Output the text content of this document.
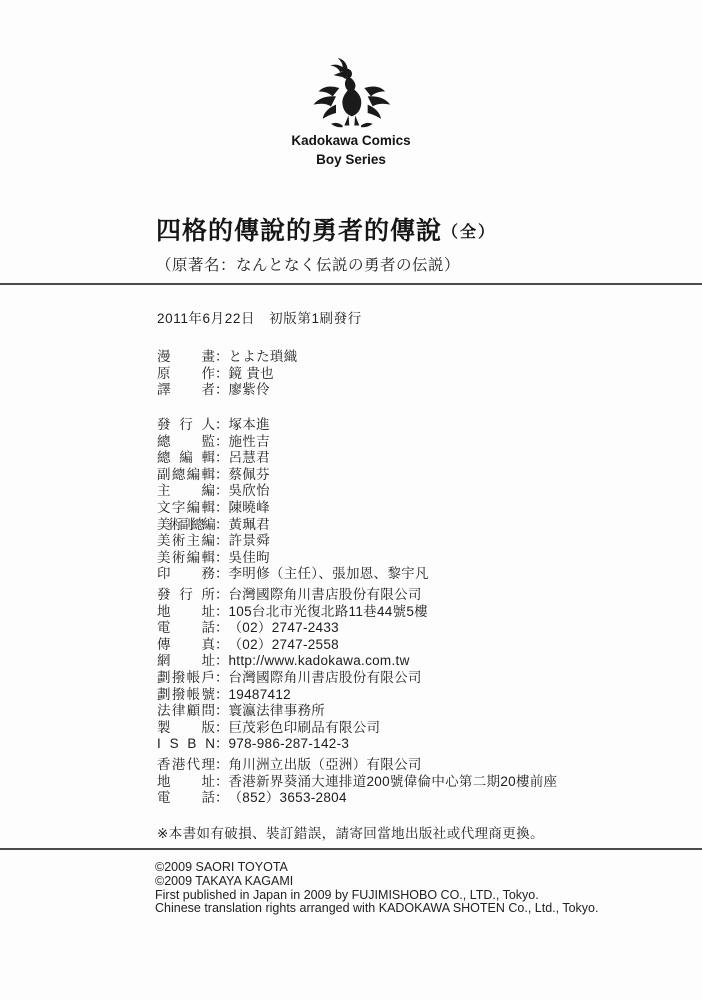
Kadokawa Comics
Boy Series
四格的傳說的勇者的傳說（全）
（原著名：なんとなく伝説の勇者の伝説）
2011年6月22日　初版第1刷發行
漫　畫 ： とよた瑣織
原　作 ： 鏡 貴也
譯　者 ： 廖紫伶
發 行 人 ： 塚本進
總　監 ： 施性吉
總 編 輯 ： 呂慧君
副總編輯 ： 蔡佩芬
主　編 ： 吳欣怡
文字編輯 ： 陳曉峰
美術副總編 ： 黃珮君
美術主編 ： 許景舜
美術編輯 ： 吳佳昫
印　務 ： 李明修（主任）、張加恩、黎宇凡
發 行 所 ： 台灣國際角川書店股份有限公司
地　址 ： 105台北市光復北路11巷44號5樓
電　話 ： （02）2747-2433
傳　真 ： （02）2747-2558
網　址 ： http://www.kadokawa.com.tw
劃撥帳戶 ： 台灣國際角川書店股份有限公司
劃撥帳號 ： 19487412
法律顧問 ： 寰瀛法律事務所
製　版 ： 巨茂彩色印刷品有限公司
I S B N ： 978-986-287-142-3
香港代理 ： 角川洲立出版（亞洲）有限公司
地　址 ： 香港新界葵涌大連排道200號偉倫中心第二期20樓前座
電　話 ： （852）3653-2804
※本書如有破損、裝訂錯誤，請寄回當地出版社或代理商更換。
©2009 SAORI TOYOTA
©2009 TAKAYA KAGAMI
First published in Japan in 2009 by FUJIMISHOBO CO., LTD., Tokyo.
Chinese translation rights arranged with KADOKAWA SHOTEN Co., Ltd., Tokyo.
